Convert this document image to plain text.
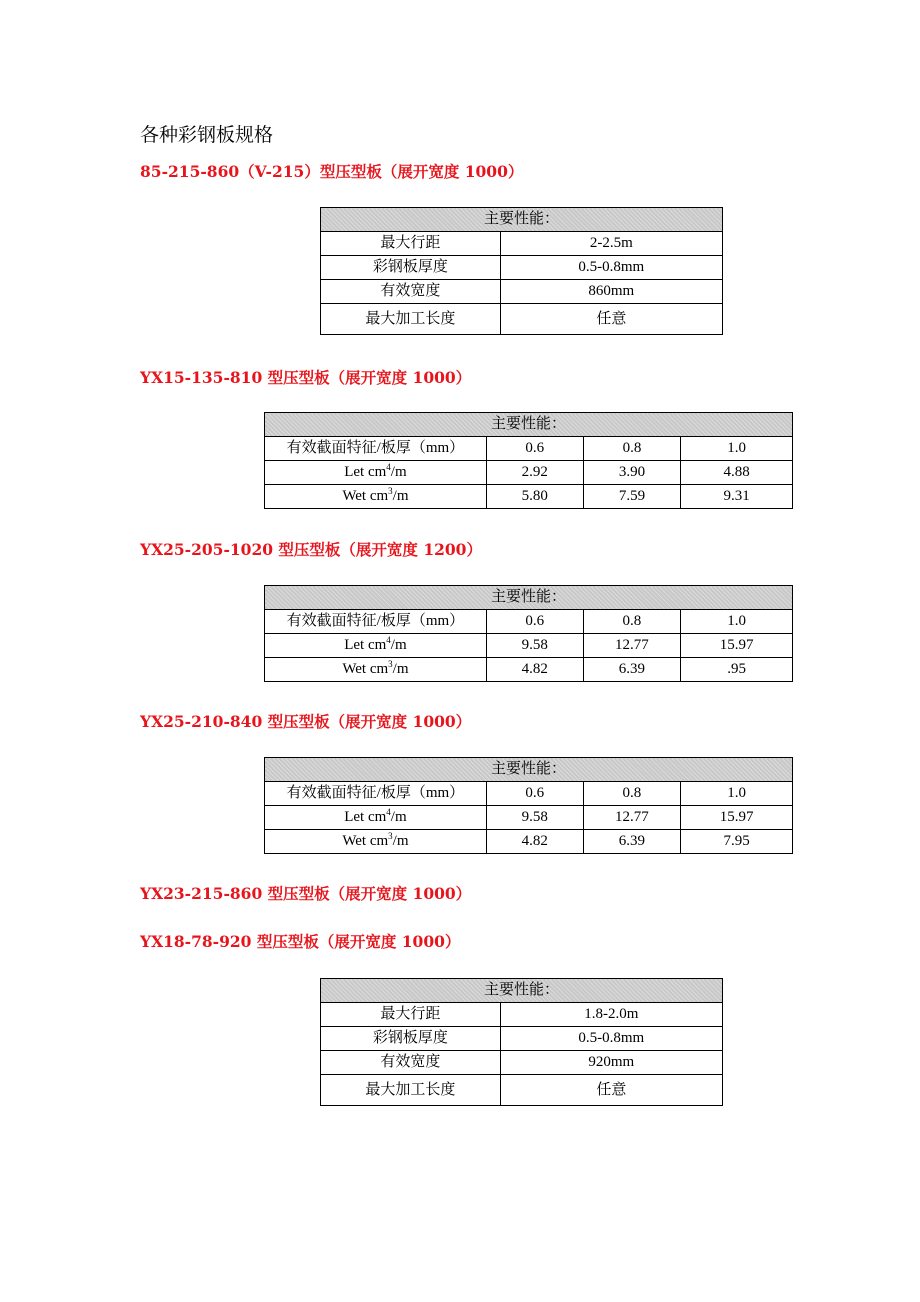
各种彩钢板规格
85-215-860（V-215）型压型板（展开宽度 1000）
主要性能：	
最大行距	2-2.5m
彩钢板厚度	0.5-0.8mm
有效宽度	860mm
最大加工长度	任意
YX15-135-810 型压型板（展开宽度 1000）
主要性能：			
有效截面特征/板厚（mm）	0.6	0.8	1.0
Let $cm^4/m$	2.92	3.90	4.88
Wet $cm^3/m$	5.80	7.59	9.31
YX25-205-1020 型压型板（展开宽度 1200）
主要性能：			
有效截面特征/板厚（mm）	0.6	0.8	1.0
Let $cm^4/m$	9.58	12.77	15.97
Wet $cm^3/m$	4.82	6.39	.95
YX25-210-840 型压型板（展开宽度 1000）
主要性能：			
有效截面特征/板厚（mm）	0.6	0.8	1.0
Let $cm^4/m$	9.58	12.77	15.97
Wet $cm^3/m$	4.82	6.39	7.95
YX23-215-860 型压型板（展开宽度 1000）
YX18-78-920 型压型板（展开宽度 1000）
主要性能：	
最大行距	1.8-2.0m
彩钢板厚度	0.5-0.8mm
有效宽度	920mm
最大加工长度	任意
